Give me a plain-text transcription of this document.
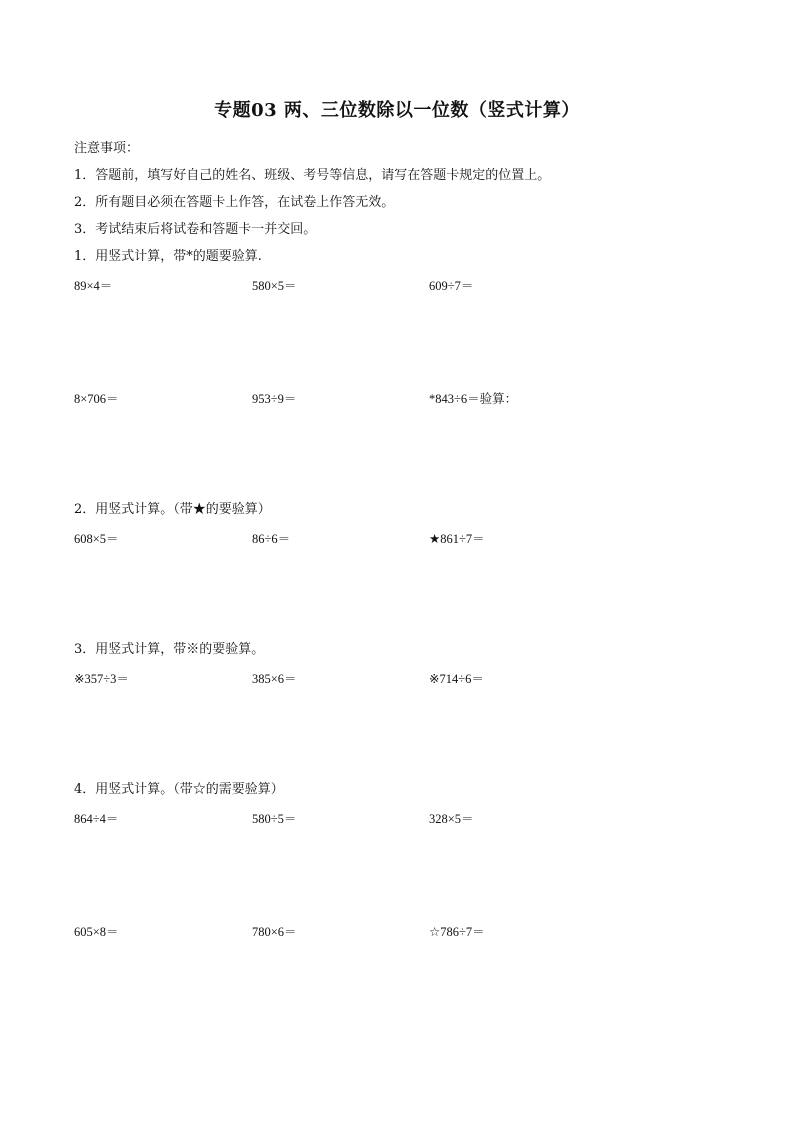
专题03 两、三位数除以一位数（竖式计算）
注意事项：
1．答题前，填写好自己的姓名、班级、考号等信息，请写在答题卡规定的位置上。
2．所有题目必须在答题卡上作答，在试卷上作答无效。
3．考试结束后将试卷和答题卡一并交回。
1．用竖式计算，带*的题要验算.
89×4＝	580×5＝	609÷7＝
8×706＝	953÷9＝	*843÷6＝验算：
2．用竖式计算。（带★的要验算）
608×5＝	86÷6＝	★861÷7＝
3．用竖式计算，带※的要验算。
※357÷3＝	385×6＝	※714÷6＝
4．用竖式计算。（带☆的需要验算）
864÷4＝	580÷5＝	328×5＝
605×8＝	780×6＝	☆786÷7＝
